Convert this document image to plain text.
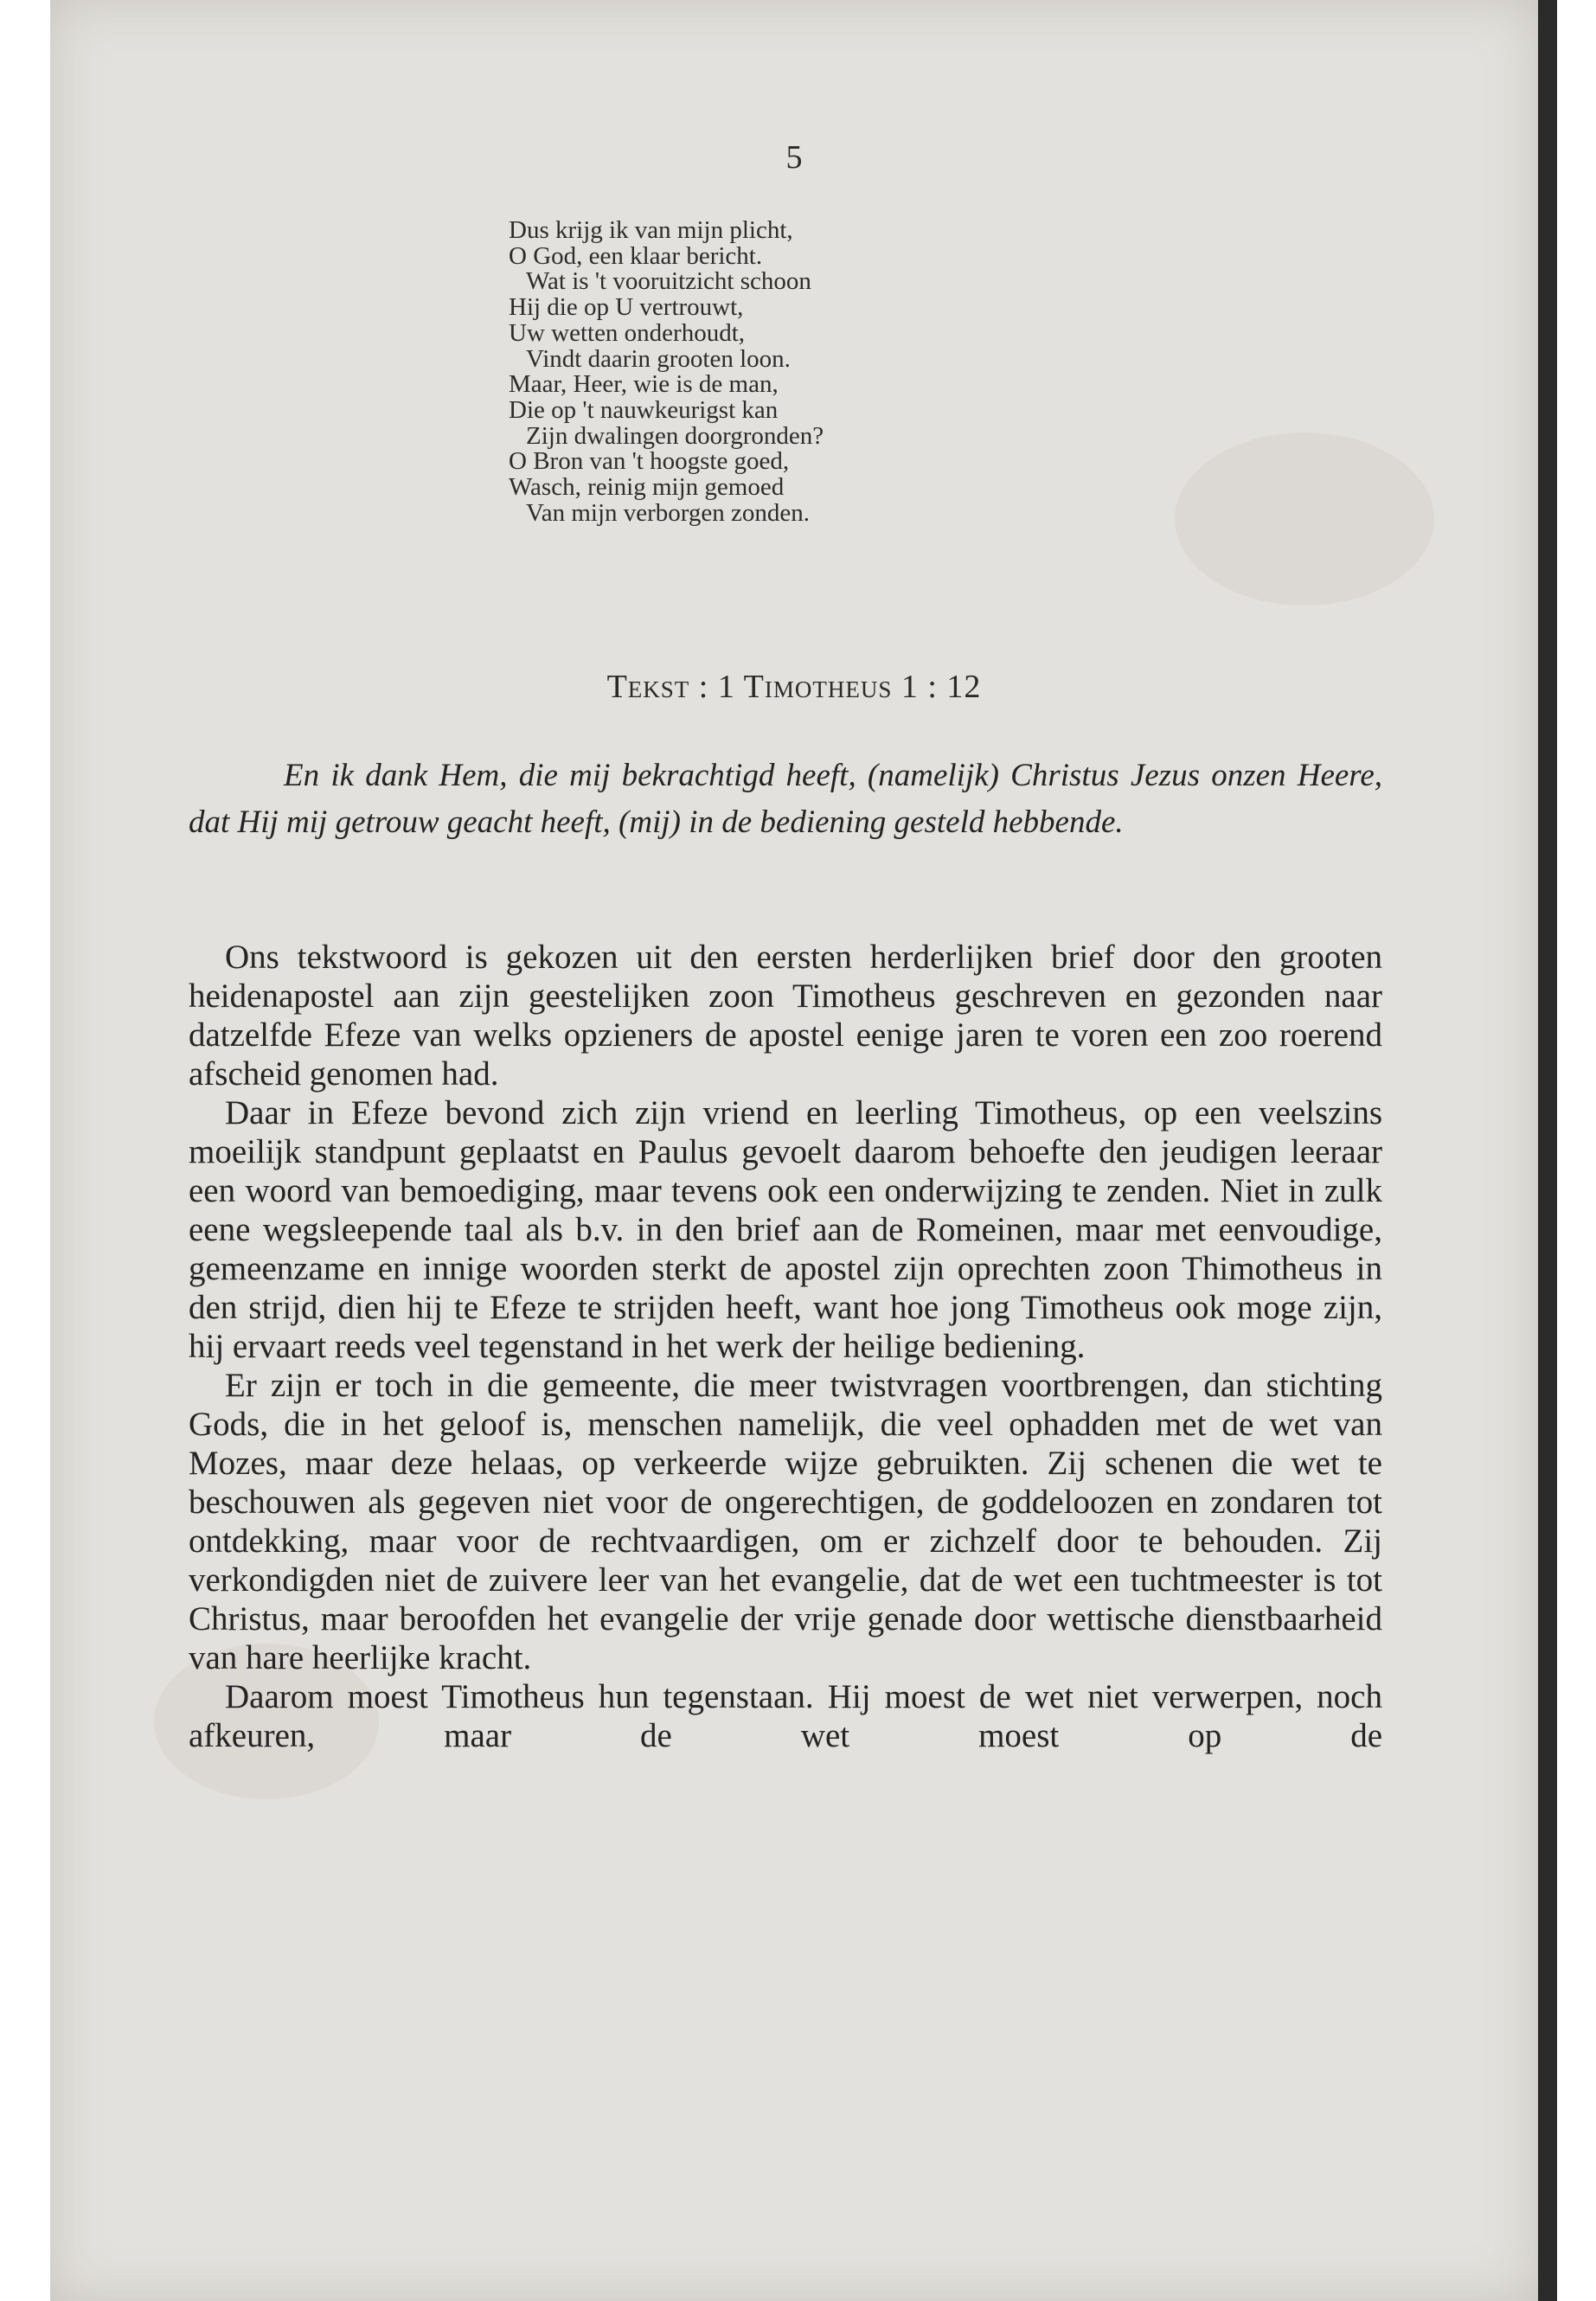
5
Dus krijg ik van mijn plicht,
O God, een klaar bericht.
Wat is 't vooruitzicht schoon
Hij die op U vertrouwt,
Uw wetten onderhoudt,
Vindt daarin grooten loon.
Maar, Heer, wie is de man,
Die op 't nauwkeurigst kan
Zijn dwalingen doorgronden?
O Bron van 't hoogste goed,
Wasch, reinig mijn gemoed
Van mijn verborgen zonden.
Tekst : 1 Timotheus 1 : 12
En ik dank Hem, die mij bekrachtigd heeft, (namelijk) Christus Jezus onzen Heere, dat Hij mij getrouw geacht heeft, (mij) in de bediening gesteld hebbende.

Ons tekstwoord is gekozen uit den eersten herderlijken brief door den grooten heidenapostel aan zijn geestelijken zoon Timotheus geschreven en gezonden naar datzelfde Efeze van welks opzieners de apostel eenige jaren te voren een zoo roerend afscheid genomen had.

Daar in Efeze bevond zich zijn vriend en leerling Timotheus, op een veelszins moeilijk standpunt geplaatst en Paulus gevoelt daarom behoefte den jeudigen leeraar een woord van bemoediging, maar tevens ook een onderwijzing te zenden. Niet in zulk eene wegsleepende taal als b.v. in den brief aan de Romeinen, maar met eenvoudige, gemeenzame en innige woorden sterkt de apostel zijn oprechten zoon Thimotheus in den strijd, dien hij te Efeze te strijden heeft, want hoe jong Timotheus ook moge zijn, hij ervaart reeds veel tegenstand in het werk der heilige bediening.

Er zijn er toch in die gemeente, die meer twistvragen voortbrengen, dan stichting Gods, die in het geloof is, menschen namelijk, die veel ophadden met de wet van Mozes, maar deze helaas, op verkeerde wijze gebruikten. Zij schenen die wet te beschouwen als gegeven niet voor de ongerechtigen, de goddeloozen en zondaren tot ontdekking, maar voor de rechtvaardigen, om er zichzelf door te behouden. Zij verkondigden niet de zuivere leer van het evangelie, dat de wet een tuchtmeester is tot Christus, maar beroofden het evangelie der vrije genade door wettische dienstbaarheid van hare heerlijke kracht.

Daarom moest Timotheus hun tegenstaan. Hij moest de wet niet verwerpen, noch afkeuren, maar de wet moest op de
